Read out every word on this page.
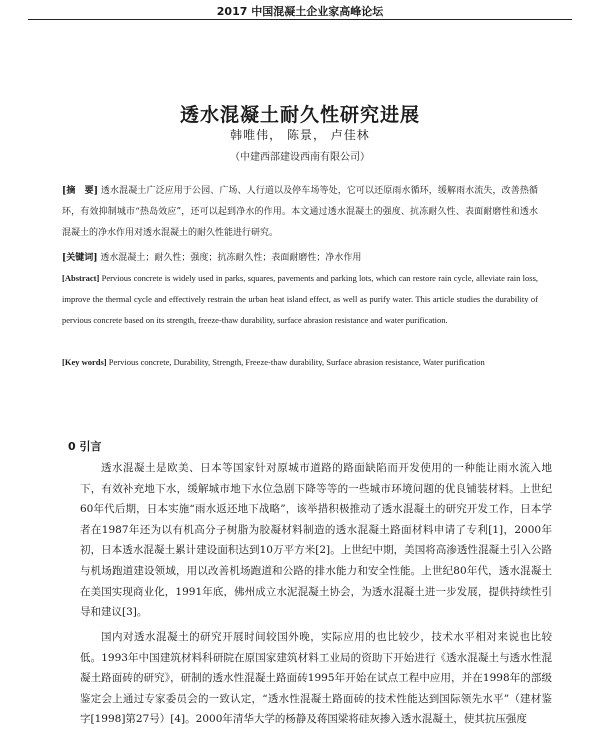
2017 中国混凝土企业家高峰论坛
透水混凝土耐久性研究进展
韩唯伟， 陈景， 卢佳林
（中建西部建设西南有限公司）
[摘　要] 透水混凝土广泛应用于公园、广场、人行道以及停车场等处，它可以还原雨水循环，缓解雨水流失，改善热循环，有效抑制城市“热岛效应”，还可以起到净水的作用。本文通过透水混凝土的强度、抗冻耐久性、表面耐磨性和透水混凝土的净水作用对透水混凝土的耐久性能进行研究。
[关键词] 透水混凝土；耐久性；强度；抗冻耐久性；表面耐磨性；净水作用
[Abstract] Pervious concrete is widely used in parks, squares, pavements and parking lots, which can restore rain cycle, alleviate rain loss, improve the thermal cycle and effectively restrain the urban heat island effect, as well as purify water. This article studies the durability of pervious concrete based on its strength, freeze-thaw durability, surface abrasion resistance and water purification.
[Key words] Pervious concrete, Durability, Strength, Freeze-thaw durability, Surface abrasion resistance, Water purification
0 引言

透水混凝土是欧美、日本等国家针对原城市道路的路面缺陷而开发使用的一种能让雨水流入地下，有效补充地下水，缓解城市地下水位急剧下降等等的一些城市环境问题的优良铺装材料。上世纪60年代后期，日本实施“雨水返还地下战略”，该举措积极推动了透水混凝土的研究开发工作，日本学者在1987年还为以有机高分子树脂为胶凝材料制造的透水混凝土路面材料申请了专利[1]，2000年初，日本透水混凝土累计建设面积达到10万平方米[2]。上世纪中期，美国将高渗透性混凝土引入公路与机场跑道建设领域，用以改善机场跑道和公路的排水能力和安全性能。上世纪80年代，透水混凝土在美国实现商业化，1991年底，佛州成立水泥混凝土协会，为透水混凝土进一步发展，提供持续性引导和建议[3]。

国内对透水混凝土的研究开展时间较国外晚，实际应用的也比较少，技术水平相对来说也比较低。1993年中国建筑材料科研院在原国家建筑材料工业局的资助下开始进行《透水混凝土与透水性混凝土路面砖的研究》，研制的透水性混凝土路面砖1995年开始在试点工程中应用，并在1998年的部级鉴定会上通过专家委员会的一致认定，“透水性混凝土路面砖的技术性能达到国际领先水平”（建材鉴字[1998]第27号）[4]。2000年清华大学的杨静及蒋国梁将硅灰掺入透水混凝土，使其抗压强度
